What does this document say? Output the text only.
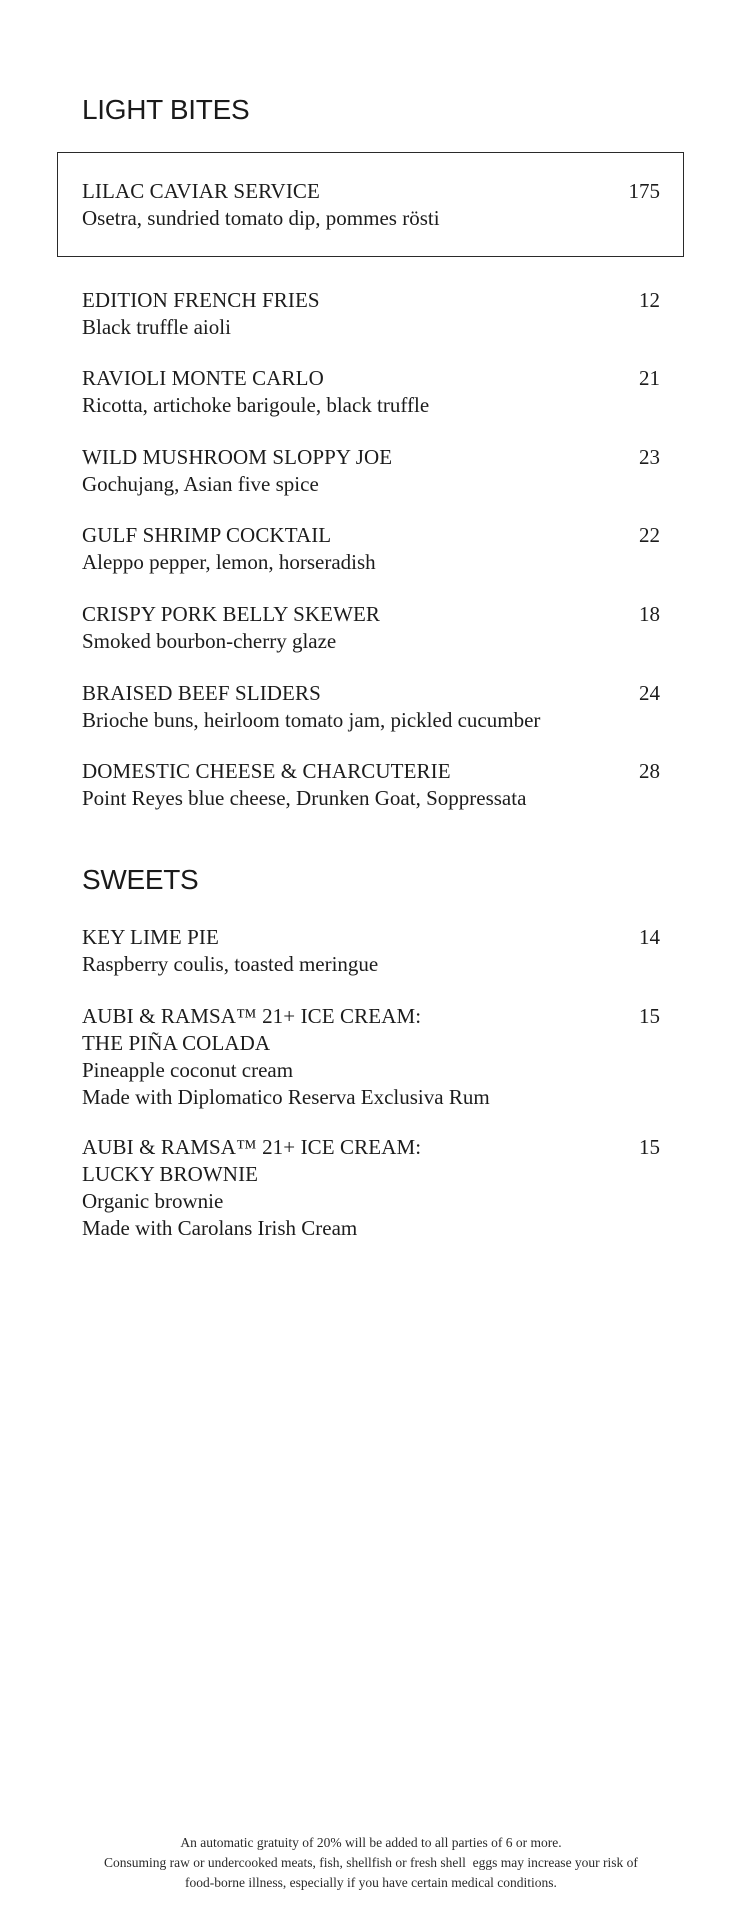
LIGHT BITES
LILAC CAVIAR SERVICE
Osetra, sundried tomato dip, pommes rösti
175
EDITION FRENCH FRIES
Black truffle aioli
12
RAVIOLI MONTE CARLO
Ricotta, artichoke barigoule, black truffle
21
WILD MUSHROOM SLOPPY JOE
Gochujang, Asian five spice
23
GULF SHRIMP COCKTAIL
Aleppo pepper, lemon, horseradish
22
CRISPY PORK BELLY SKEWER
Smoked bourbon-cherry glaze
18
BRAISED BEEF SLIDERS
Brioche buns, heirloom tomato jam, pickled cucumber
24
DOMESTIC CHEESE & CHARCUTERIE
Point Reyes blue cheese, Drunken Goat, Soppressata
28
SWEETS
KEY LIME PIE
Raspberry coulis, toasted meringue
14
AUBI & RAMSA™ 21+ ICE CREAM:
THE PIÑA COLADA
Pineapple coconut cream
Made with Diplomatico Reserva Exclusiva Rum
15
AUBI & RAMSA™ 21+ ICE CREAM:
LUCKY BROWNIE
Organic brownie
Made with Carolans Irish Cream
15
An automatic gratuity of 20% will be added to all parties of 6 or more.
Consuming raw or undercooked meats, fish, shellfish or fresh shell  eggs may increase your risk of
food-borne illness, especially if you have certain medical conditions.
